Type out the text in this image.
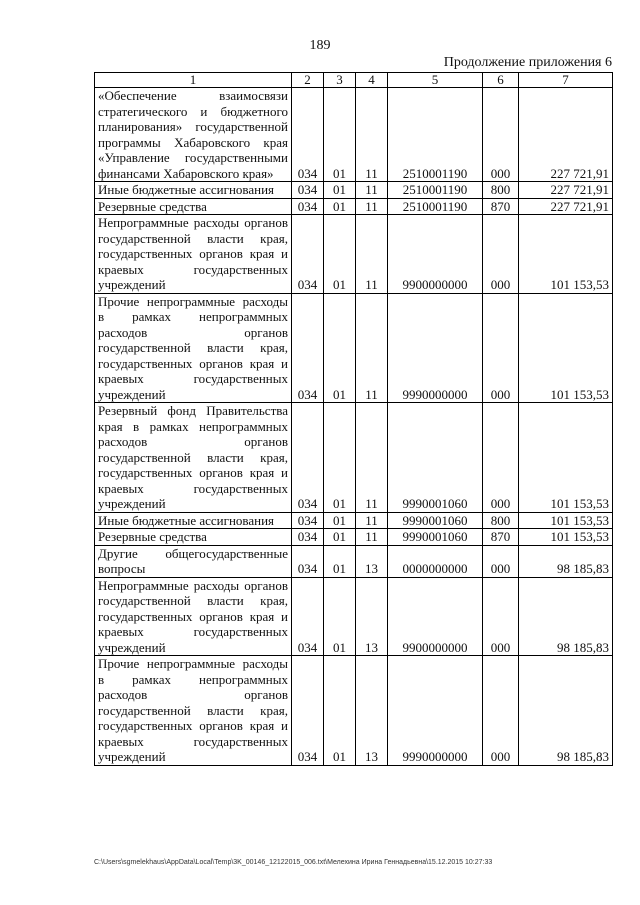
189
Продолжение приложения 6
1	2	3	4	5	6	7
«Обеспечение взаимосвязи стратегического и бюджетного планирования» государственной программы Хабаровского края «Управление государственными финансами Хабаровского края»	034	01	11	2510001190	000	227 721,91
Иные бюджетные ассигнования	034	01	11	2510001190	800	227 721,91
Резервные средства	034	01	11	2510001190	870	227 721,91
Непрограммные расходы органов государственной власти края, государственных органов края и краевых государственных учреждений	034	01	11	9900000000	000	101 153,53
Прочие непрограммные расходы в рамках непрограммных расходов органов государственной власти края, государственных органов края и краевых государственных учреждений	034	01	11	9990000000	000	101 153,53
Резервный фонд Правительства края в рамках непрограммных расходов органов государственной власти края, государственных органов края и краевых государственных учреждений	034	01	11	9990001060	000	101 153,53
Иные бюджетные ассигнования	034	01	11	9990001060	800	101 153,53
Резервные средства	034	01	11	9990001060	870	101 153,53
Другие общегосударственные вопросы	034	01	13	0000000000	000	98 185,83
Непрограммные расходы органов государственной власти края, государственных органов края и краевых государственных учреждений	034	01	13	9900000000	000	98 185,83
Прочие непрограммные расходы в рамках непрограммных расходов органов государственной власти края, государственных органов края и краевых государственных учреждений	034	01	13	9990000000	000	98 185,83
C:\Users\sgmelekhaus\AppData\Local\Temp\3K_00146_12122015_006.txt\Мелехина Ирина Геннадьевна\15.12.2015 10:27:33
